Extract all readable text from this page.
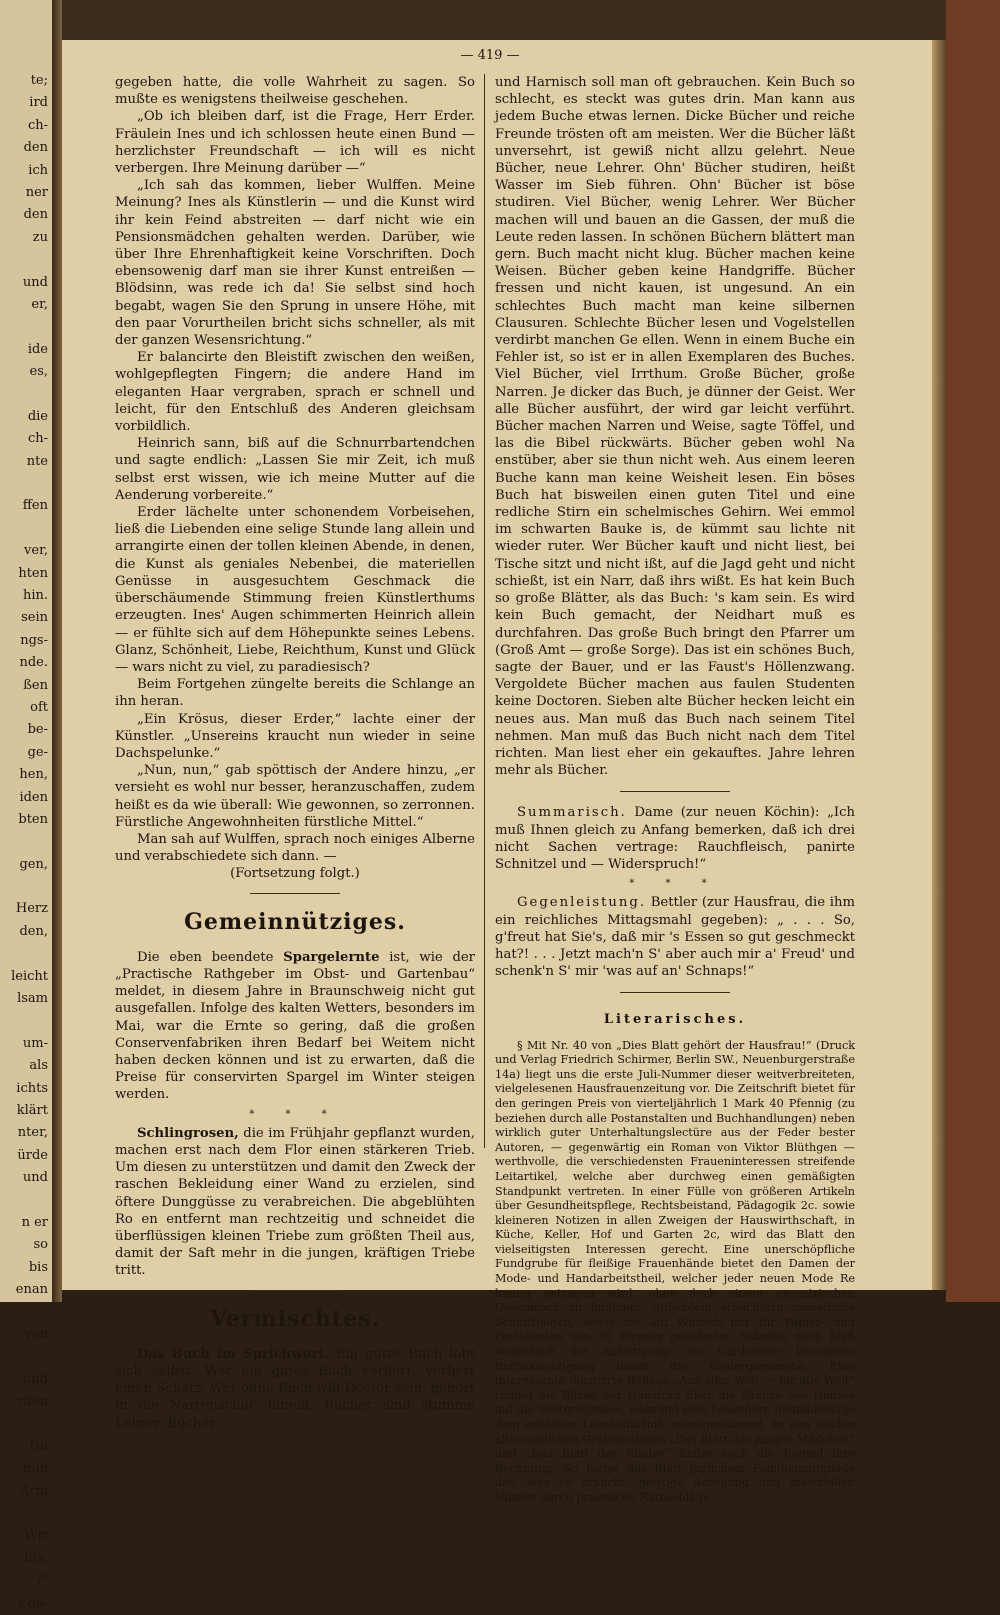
te;
ird
ch-
den
ich
ner
den
zu
und
er,
ide
es,
die
ch-
nte
ffen
ver,
hten
hin.
sein
ngs-
nde.
ßen
oft
be-
ge-
hen,
iden
bten
gen,
Herz
den,
leicht
lsam
um-
als
ichts
klärt
nter,
ürde
und
n er
so
bis
enan
von
und
rden
Du
nun
Arm
Wir
Eis.
/"
t ge-
— 419 —

gegeben hatte, die volle Wahrheit zu sagen. So mußte es wenigstens theilweise geschehen.

„Ob ich bleiben darf, ist die Frage, Herr Erder. Fräulein Ines und ich schlossen heute einen Bund — herzlichster Freundschaft — ich will es nicht verbergen. Ihre Meinung darüber —“

„Ich sah das kommen, lieber Wulffen. Meine Meinung? Ines als Künstlerin — und die Kunst wird ihr kein Feind abstreiten — darf nicht wie ein Pensionsmädchen gehalten werden. Darüber, wie über Ihre Ehrenhaftigkeit keine Vorschriften. Doch ebensowenig darf man sie ihrer Kunst entreißen — Blödsinn, was rede ich da! Sie selbst sind hoch begabt, wagen Sie den Sprung in unsere Höhe, mit den paar Vorurtheilen bricht sichs schneller, als mit der ganzen Wesensrichtung.“

Er balancirte den Bleistift zwischen den weißen, wohlgepflegten Fingern; die andere Hand im eleganten Haar vergraben, sprach er schnell und leicht, für den Entschluß des Anderen gleichsam vorbildlich.

Heinrich sann, biß auf die Schnurrbartendchen und sagte endlich: „Lassen Sie mir Zeit, ich muß selbst erst wissen, wie ich meine Mutter auf die Aenderung vorbereite.“

Erder lächelte unter schonendem Vorbeisehen, ließ die Liebenden eine selige Stunde lang allein und arrangirte einen der tollen kleinen Abende, in denen, die Kunst als geniales Nebenbei, die materiellen Genüsse in ausgesuchtem Geschmack die überschäumende Stimmung freien Künstlerthums erzeugten. Ines' Augen schimmerten Heinrich allein — er fühlte sich auf dem Höhepunkte seines Lebens. Glanz, Schönheit, Liebe, Reichthum, Kunst und Glück — wars nicht zu viel, zu paradiesisch?

Beim Fortgehen züngelte bereits die Schlange an ihn heran.

„Ein Krösus, dieser Erder,“ lachte einer der Künstler. „Unsereins kraucht nun wieder in seine Dachspelunke.“

„Nun, nun,“ gab spöttisch der Andere hinzu, „er versieht es wohl nur besser, heranzuschaffen, zudem heißt es da wie überall: Wie gewonnen, so zerronnen. Fürstliche Angewohnheiten fürstliche Mittel.“

Man sah auf Wulffen, sprach noch einiges Alberne und verabschiedete sich dann. —

(Fortsetzung folgt.)

Gemeinnütziges.

Die eben beendete Spargelernte ist, wie der „Practische Rathgeber im Obst- und Gartenbau“ meldet, in diesem Jahre in Braunschweig nicht gut ausgefallen. Infolge des kalten Wetters, besonders im Mai, war die Ernte so gering, daß die großen Conservenfabriken ihren Bedarf bei Weitem nicht haben decken können und ist zu erwarten, daß die Preise für conservirten Spargel im Winter steigen werden.

* * *

Schlingrosen, die im Frühjahr gepflanzt wurden, machen erst nach dem Flor einen stärkeren Trieb. Um diesen zu unterstützen und damit den Zweck der raschen Bekleidung einer Wand zu erzielen, sind öftere Dunggüsse zu verabreichen. Die abgeblühten Ro en entfernt man rechtzeitig und schneidet die überflüssigen kleinen Triebe zum größten Theil aus, damit der Saft mehr in die jungen, kräftigen Triebe tritt.

Vermischtes.

Das Buch im Sprichwort. Ein gutes Buch lobt sich selbst. Wer ein gutes Buch verliert, verliert einen Schatz. Wer ohne Buch will Doctor sein, gehört in die Narrenschul' hinein. Bücher sind stumme Lehrer. Bücher

und Harnisch soll man oft gebrauchen. Kein Buch so schlecht, es steckt was gutes drin. Man kann aus jedem Buche etwas lernen. Dicke Bücher und reiche Freunde trösten oft am meisten. Wer die Bücher läßt unversehrt, ist gewiß nicht allzu gelehrt. Neue Bücher, neue Lehrer. Ohn' Bücher studiren, heißt Wasser im Sieb führen. Ohn' Bücher ist böse studiren. Viel Bücher, wenig Lehrer. Wer Bücher machen will und bauen an die Gassen, der muß die Leute reden lassen. In schönen Büchern blättert man gern. Buch macht nicht klug. Bücher machen keine Weisen. Bücher geben keine Handgriffe. Bücher fressen und nicht kauen, ist ungesund. An ein schlechtes Buch macht man keine silbernen Clausuren. Schlechte Bücher lesen und Vogelstellen verdirbt manchen Ge ellen. Wenn in einem Buche ein Fehler ist, so ist er in allen Exemplaren des Buches. Viel Bücher, viel Irrthum. Große Bücher, große Narren. Je dicker das Buch, je dünner der Geist. Wer alle Bücher ausführt, der wird gar leicht verführt. Bücher machen Narren und Weise, sagte Töffel, und las die Bibel rückwärts. Bücher geben wohl Na enstüber, aber sie thun nicht weh. Aus einem leeren Buche kann man keine Weisheit lesen. Ein böses Buch hat bisweilen einen guten Titel und eine redliche Stirn ein schelmisches Gehirn. Wei emmol im schwarten Bauke is, de kümmt sau lichte nit wieder ruter. Wer Bücher kauft und nicht liest, bei Tische sitzt und nicht ißt, auf die Jagd geht und nicht schießt, ist ein Narr, daß ihrs wißt. Es hat kein Buch so große Blätter, als das Buch: 's kam sein. Es wird kein Buch gemacht, der Neidhart muß es durchfahren. Das große Buch bringt den Pfarrer um (Groß Amt — große Sorge). Das ist ein schönes Buch, sagte der Bauer, und er las Faust's Höllenzwang. Vergoldete Bücher machen aus faulen Studenten keine Doctoren. Sieben alte Bücher hecken leicht ein neues aus. Man muß das Buch nach seinem Titel nehmen. Man muß das Buch nicht nach dem Titel richten. Man liest eher ein gekauftes. Jahre lehren mehr als Bücher.

Summarisch. Dame (zur neuen Köchin): „Ich muß Ihnen gleich zu Anfang bemerken, daß ich drei nicht Sachen vertrage: Rauchfleisch, panirte Schnitzel und — Widerspruch!“

* * *

Gegenleistung. Bettler (zur Hausfrau, die ihm ein reichliches Mittagsmahl gegeben): „ . . . So, g'freut hat Sie's, daß mir 's Essen so gut geschmeckt hat?! . . . Jetzt mach'n S' aber auch mir a' Freud' und schenk'n S' mir 'was auf an' Schnaps!“

Literarisches.

§ Mit Nr. 40 von „Dies Blatt gehört der Hausfrau!“ (Druck und Verlag Friedrich Schirmer, Berlin SW., Neuenburgerstraße 14a) liegt uns die erste Juli-Nummer dieser weitverbreiteten, vielgelesenen Hausfrauenzeitung vor. Die Zeitschrift bietet für den geringen Preis von vierteljährlich 1 Mark 40 Pfennig (zu beziehen durch alle Postanstalten und Buchhandlungen) neben wirklich guter Unterhaltungslectüre aus der Feder bester Autoren, — gegenwärtig ein Roman von Viktor Blüthgen — werthvolle, die verschiedensten Fraueninteressen streifende Leitartikel, welche aber durchweg einen gemäßigten Standpunkt vertreten. In einer Fülle von größeren Artikeln über Gesundheitspflege, Rechtsbeistand, Pädagogik 2c. sowie kleineren Notizen in allen Zweigen der Hauswirthschaft, in Küche, Keller, Hof und Garten 2c, wird das Blatt den vielseitigsten Interessen gerecht. Eine unerschöpfliche Fundgrube für fleißige Frauenhände bietet den Damen der Mode- und Handarbeitstheil, welcher jeder neuen Mode Re hnung getragen wird, ohne doch einem excentrischen Geschmack zu huldigen. Außerdem erleichtern monatliche Schnittbogen, sowie die auf Wunsch nur für Papier- und Portokosten von 35 Pfennig gelieferten Schnitte nach Maß wesentlich die Anfertigung der Garderobe; besondere Berücksichtigung findet die Kindergarderobe. Eine interessante illustrirte Beilage „Aus aller Welt — für alle Welt“ richtet die Blicke der Hausfrau über die Grenze des Hauses auf die Weltereignisse, während eine besondere Romanbeilage dem erhöhten Lesebedürfniß entgegenkommt. In den beiden allmonatlichen Gratisbeilagen „Das Blatt der jungen Mädchen“ und „Das Blatt der Kinder“ findet auch die Jugend ihre Rechnung. So bietet das Blatt jeglichem Familienmitgliede das, was er braucht: geistige Anregung und materiellen Nutzen durch practische Rathschläge.
